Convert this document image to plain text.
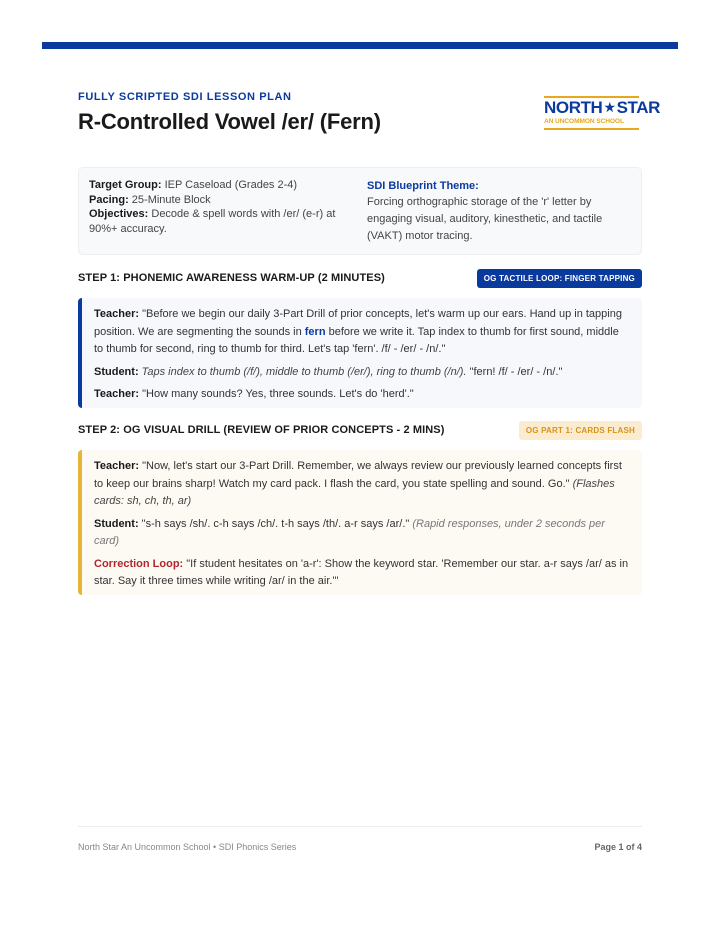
FULLY SCRIPTED SDI LESSON PLAN
R-Controlled Vowel /er/ (Fern)
NORTH ★ STAR
AN UNCOMMON SCHOOL
Target Group: IEP Caseload (Grades 2-4)
Pacing: 25-Minute Block
Objectives: Decode & spell words with /er/ (e-r) at 90%+ accuracy.
SDI Blueprint Theme:
Forcing orthographic storage of the 'r' letter by engaging visual, auditory, kinesthetic, and tactile (VAKT) motor tracing.
STEP 1: PHONEMIC AWARENESS WARM-UP (2 MINUTES)	OG TACTILE LOOP: FINGER TAPPING
Teacher: "Before we begin our daily 3-Part Drill of prior concepts, let's warm up our ears. Hand up in tapping position. We are segmenting the sounds in fern before we write it. Tap index to thumb for first sound, middle to thumb for second, ring to thumb for third. Let's tap 'fern'. /f/ - /er/ - /n/."
Student: Taps index to thumb (/f/), middle to thumb (/er/), ring to thumb (/n/). "fern! /f/ - /er/ - /n/."
Teacher: "How many sounds? Yes, three sounds. Let's do 'herd'."
STEP 2: OG VISUAL DRILL (REVIEW OF PRIOR CONCEPTS - 2 MINS)	OG PART 1: CARDS FLASH
Teacher: "Now, let's start our 3-Part Drill. Remember, we always review our previously learned concepts first to keep our brains sharp! Watch my card pack. I flash the card, you state spelling and sound. Go." (Flashes cards: sh, ch, th, ar)
Student: "s-h says /sh/. c-h says /ch/. t-h says /th/. a-r says /ar/." (Rapid responses, under 2 seconds per card)
Correction Loop: "If student hesitates on 'a-r': Show the keyword star. 'Remember our star. a-r says /ar/ as in star. Say it three times while writing /ar/ in the air.'"
North Star An Uncommon School • SDI Phonics Series	Page 1 of 4
